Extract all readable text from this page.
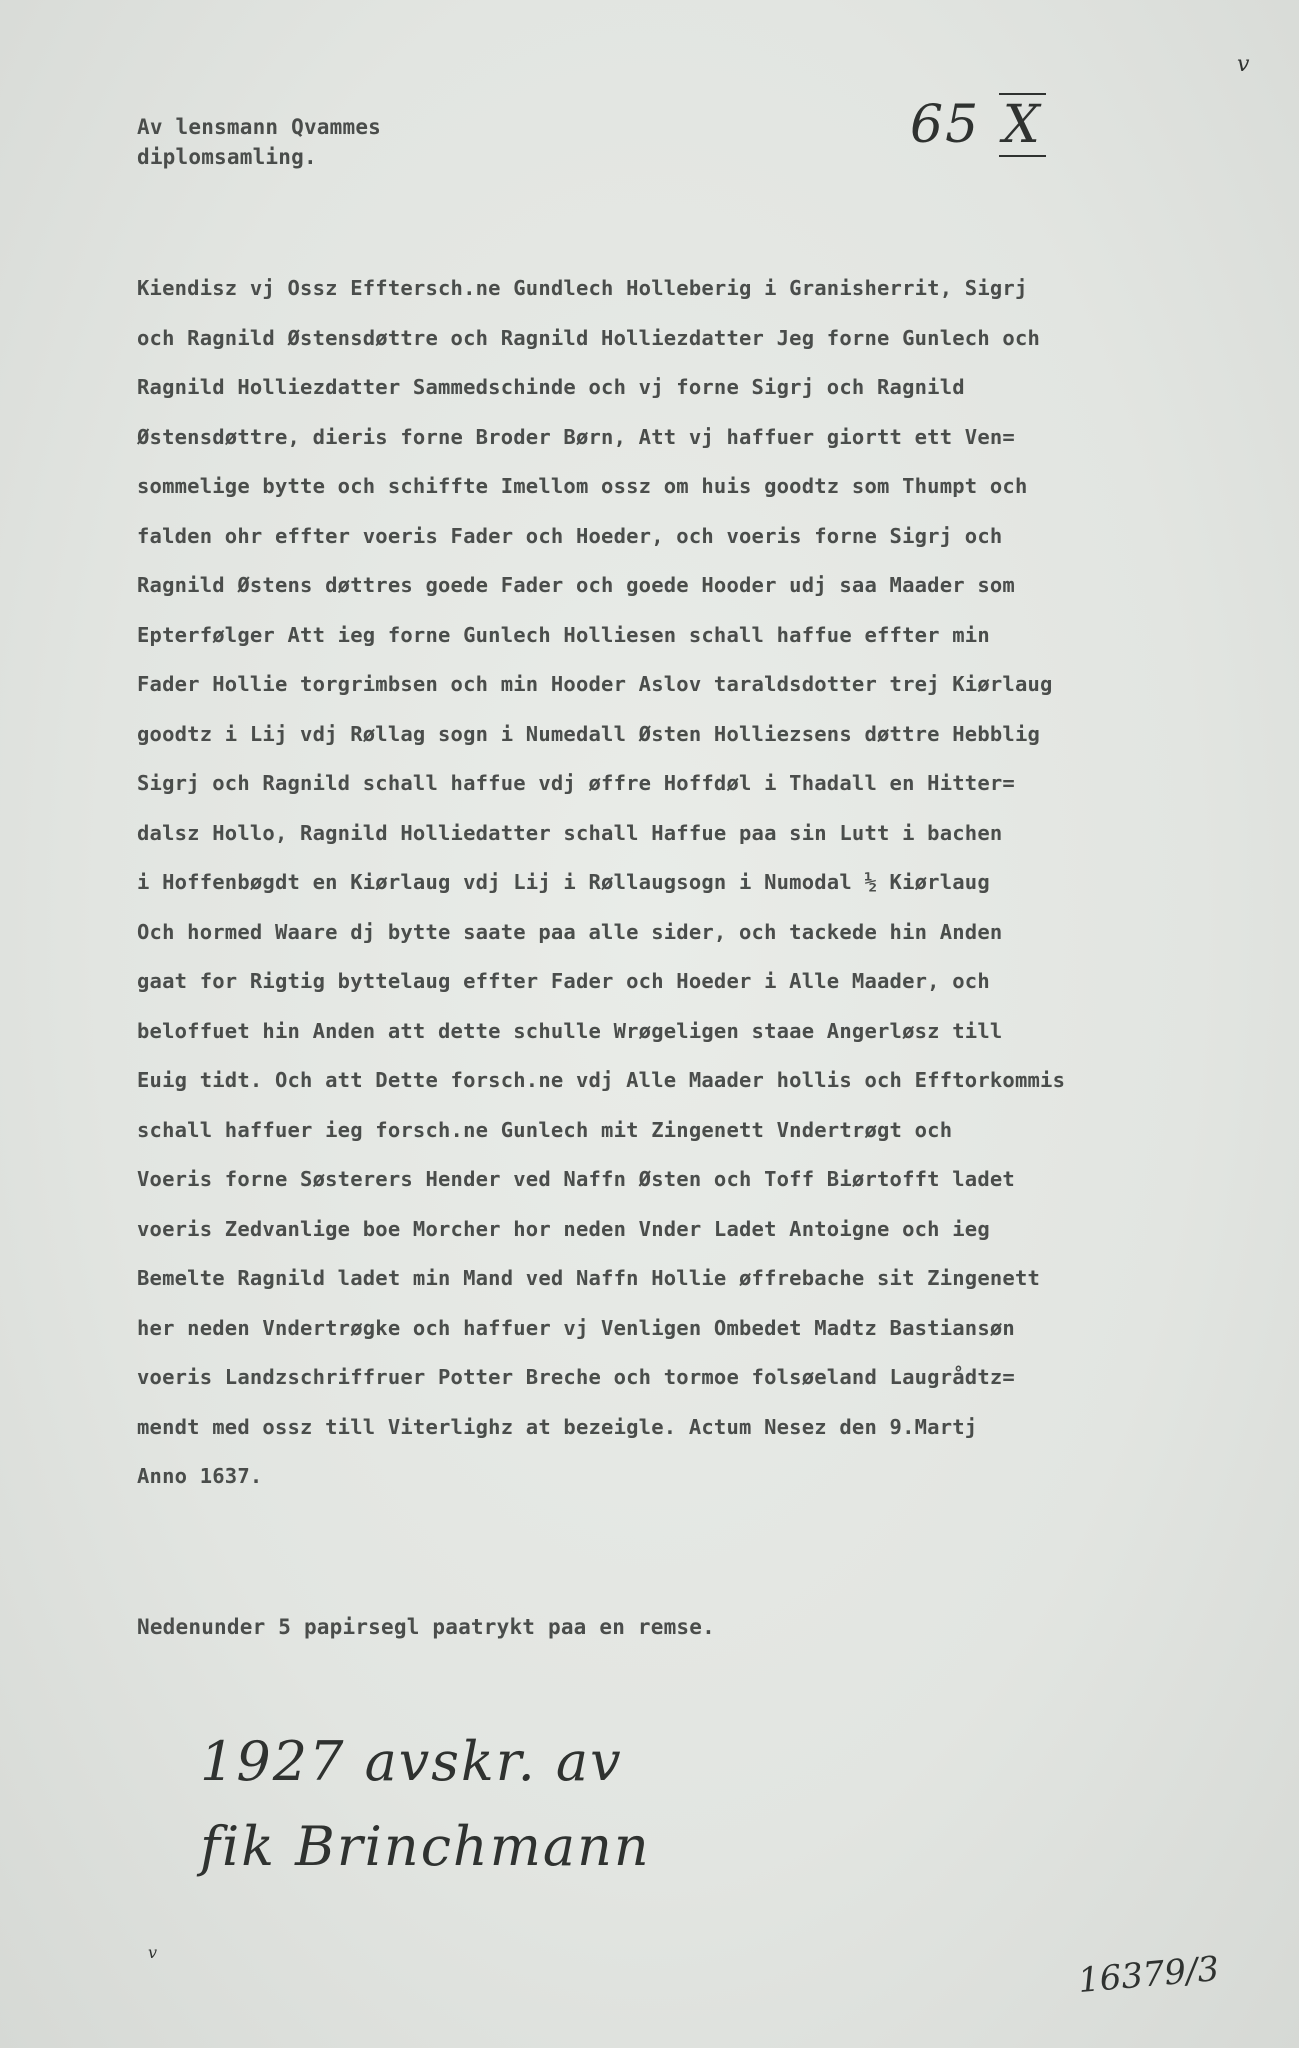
v
Av lensmann Qvammes
diplomsamling.
65 X
Kiendisz vj Ossz Efftersch.ne Gundlech Holleberig i Granisherrit, Sigrj
och Ragnild Østensdøttre och Ragnild Holliezdatter Jeg forne Gunlech och
Ragnild Holliezdatter Sammedschinde och vj forne Sigrj och Ragnild
Østensdøttre, dieris forne Broder Børn, Att vj haffuer giortt ett Ven=
sommelige bytte och schiffte Imellom ossz om huis goodtz som Thumpt och
falden ohr effter voeris Fader och Hoeder, och voeris forne Sigrj och
Ragnild Østens døttres goede Fader och goede Hooder udj saa Maader som
Epterfølger Att ieg forne Gunlech Holliesen schall haffue effter min
Fader Hollie torgrimbsen och min Hooder Aslov taraldsdotter trej Kiørlaug
goodtz i Lij vdj Røllag sogn i Numedall Østen Holliezsens døttre Hebblig
Sigrj och Ragnild schall haffue vdj øffre Hoffdøl i Thadall en Hitter=
dalsz Hollo, Ragnild Holliedatter schall Haffue paa sin Lutt i bachen
i Hoffenbøgdt en Kiørlaug vdj Lij i Røllaugsogn i Numodal ½ Kiørlaug
Och hormed Waare dj bytte saate paa alle sider, och tackede hin Anden
gaat for Rigtig byttelaug effter Fader och Hoeder i Alle Maader, och
beloffuet hin Anden att dette schulle Wrøgeligen staae Angerløsz till
Euig tidt. Och att Dette forsch.ne vdj Alle Maader hollis och Efftorkommis
schall haffuer ieg forsch.ne Gunlech mit Zingenett Vndertrøgt och
Voeris forne Søsterers Hender ved Naffn Østen och Toff Biørtofft ladet
voeris Zedvanlige boe Morcher hor neden Vnder Ladet Antoigne och ieg
Bemelte Ragnild ladet min Mand ved Naffn Hollie øffrebache sit Zingenett
her neden Vndertrøgke och haffuer vj Venligen Ombedet Madtz Bastiansøn
voeris Landzschriffruer Potter Breche och tormoe folsøeland Laugrådtz=
mendt med ossz till Viterlighz at bezeigle. Actum Nesez den 9.Martj
Anno 1637.
Nedenunder 5 papirsegl paatrykt paa en remse.
1927 avskr. av
fik Brinchmann
v	16379/3
